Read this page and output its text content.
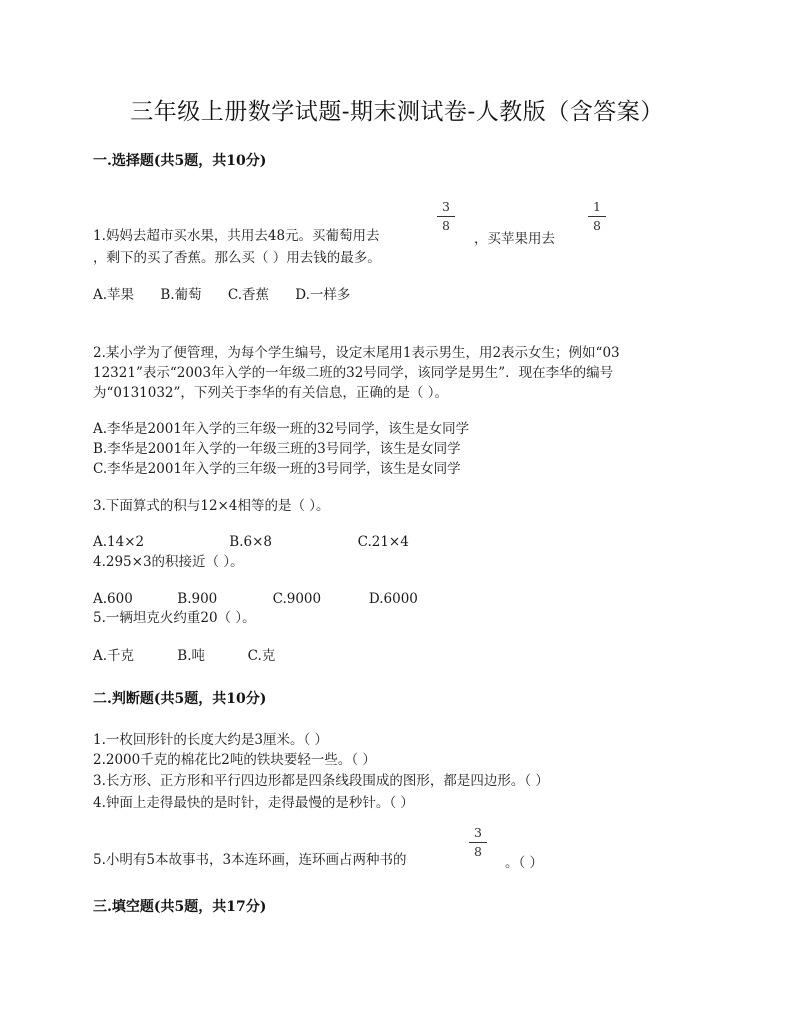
三年级上册数学试题-期末测试卷-人教版（含答案）
一.选择题(共5题，共10分)
3
8
1
8
1.妈妈去超市买水果，共用去48元。买葡萄用去	，买苹果用去
，剩下的买了香蕉。那么买（ ）用去钱的最多。
A.苹果 B.葡萄 C.香蕉 D.一样多
2.某小学为了便管理，为每个学生编号，设定末尾用1表示男生，用2表示女生；例如“03
12321”表示“2003年入学的一年级二班的32号同学，该同学是男生”．现在李华的编号
为“0131032”，下列关于李华的有关信息，正确的是（ ）。
A.李华是2001年入学的三年级一班的32号同学，该生是女同学
B.李华是2001年入学的一年级三班的3号同学，该生是女同学
C.李华是2001年入学的三年级一班的3号同学，该生是女同学
3.下面算式的积与12×4相等的是（ ）。
A.14×2	B.6×8	C.21×4
4.295×3的积接近（ ）。
A.600	B.900	C.9000	D.6000
5.一辆坦克火约重20（ ）。
A.千克	B.吨	C.克
二.判断题(共5题，共10分)
1.一枚回形针的长度大约是3厘米。（ ）
2.2000千克的棉花比2吨的铁块要轻一些。（ ）
3.长方形、正方形和平行四边形都是四条线段围成的图形，都是四边形。（ ）
4.钟面上走得最快的是时针，走得最慢的是秒针。（ ）
3
8
5.小明有5本故事书，3本连环画，连环画占两种书的	。（ ）
三.填空题(共5题，共17分)
